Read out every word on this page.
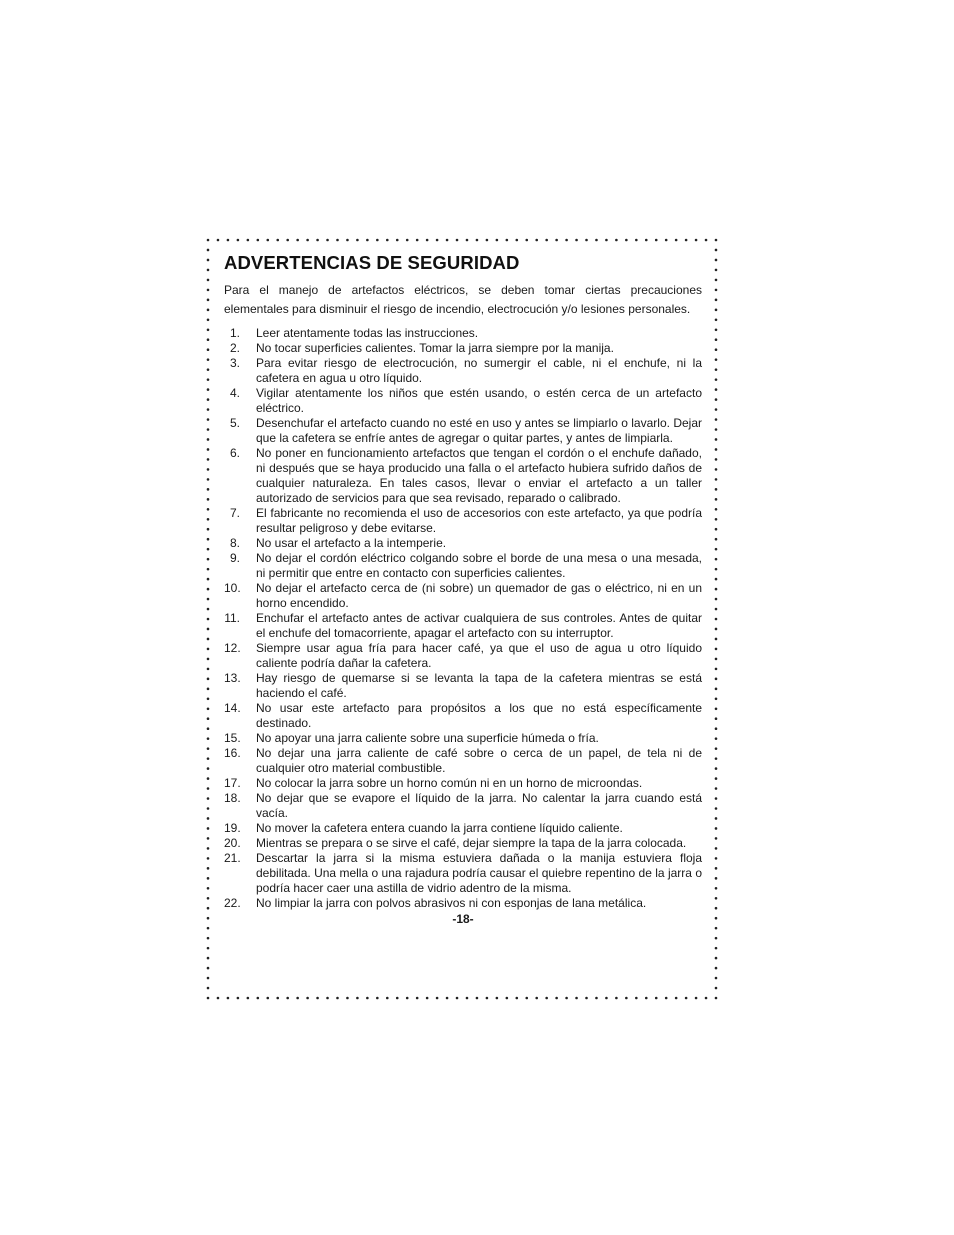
ADVERTENCIAS DE SEGURIDAD

Para el manejo de artefactos eléctricos, se deben tomar ciertas precauciones elementales para disminuir el riesgo de incendio, electrocución y/o lesiones personales.

1. Leer atentamente todas las instrucciones.
2. No tocar superficies calientes. Tomar la jarra siempre por la manija.
3. Para evitar riesgo de electrocución, no sumergir el cable, ni el enchufe, ni la cafetera en agua u otro líquido.
4. Vigilar atentamente los niños que estén usando, o estén cerca de un artefacto eléctrico.
5. Desenchufar el artefacto cuando no esté en uso y antes se limpiarlo o lavarlo. Dejar que la cafetera se enfríe antes de agregar o quitar partes, y antes de limpiarla.
6. No poner en funcionamiento artefactos que tengan el cordón o el enchufe dañado, ni después que se haya producido una falla o el artefacto hubiera sufrido daños de cualquier naturaleza. En tales casos, llevar o enviar el artefacto a un taller autorizado de servicios para que sea revisado, reparado o calibrado.
7. El fabricante no recomienda el uso de accesorios con este artefacto, ya que podría resultar peligroso y debe evitarse.
8. No usar el artefacto a la intemperie.
9. No dejar el cordón eléctrico colgando sobre el borde de una mesa o una mesada, ni permitir que entre en contacto con superficies calientes.
10. No dejar el artefacto cerca de (ni sobre) un quemador de gas o eléctrico, ni en un horno encendido.
11. Enchufar el artefacto antes de activar cualquiera de sus controles. Antes de quitar el enchufe del tomacorriente, apagar el artefacto con su interruptor.
12. Siempre usar agua fría para hacer café, ya que el uso de agua u otro líquido caliente podría dañar la cafetera.
13. Hay riesgo de quemarse si se levanta la tapa de la cafetera mientras se está haciendo el café.
14. No usar este artefacto para propósitos a los que no está específicamente destinado.
15. No apoyar una jarra caliente sobre una superficie húmeda o fría.
16. No dejar una jarra caliente de café sobre o cerca de un papel, de tela ni de cualquier otro material combustible.
17. No colocar la jarra sobre un horno común ni en un horno de microondas.
18. No dejar que se evapore el líquido de la jarra. No calentar la jarra cuando está vacía.
19. No mover la cafetera entera cuando la jarra contiene líquido caliente.
20. Mientras se prepara o se sirve el café, dejar siempre la tapa de la jarra colocada.
21. Descartar la jarra si la misma estuviera dañada o la manija estuviera floja debilitada. Una mella o una rajadura podría causar el quiebre repentino de la jarra o podría hacer caer una astilla de vidrio adentro de la misma.
22. No limpiar la jarra con polvos abrasivos ni con esponjas de lana metálica.
-18-
